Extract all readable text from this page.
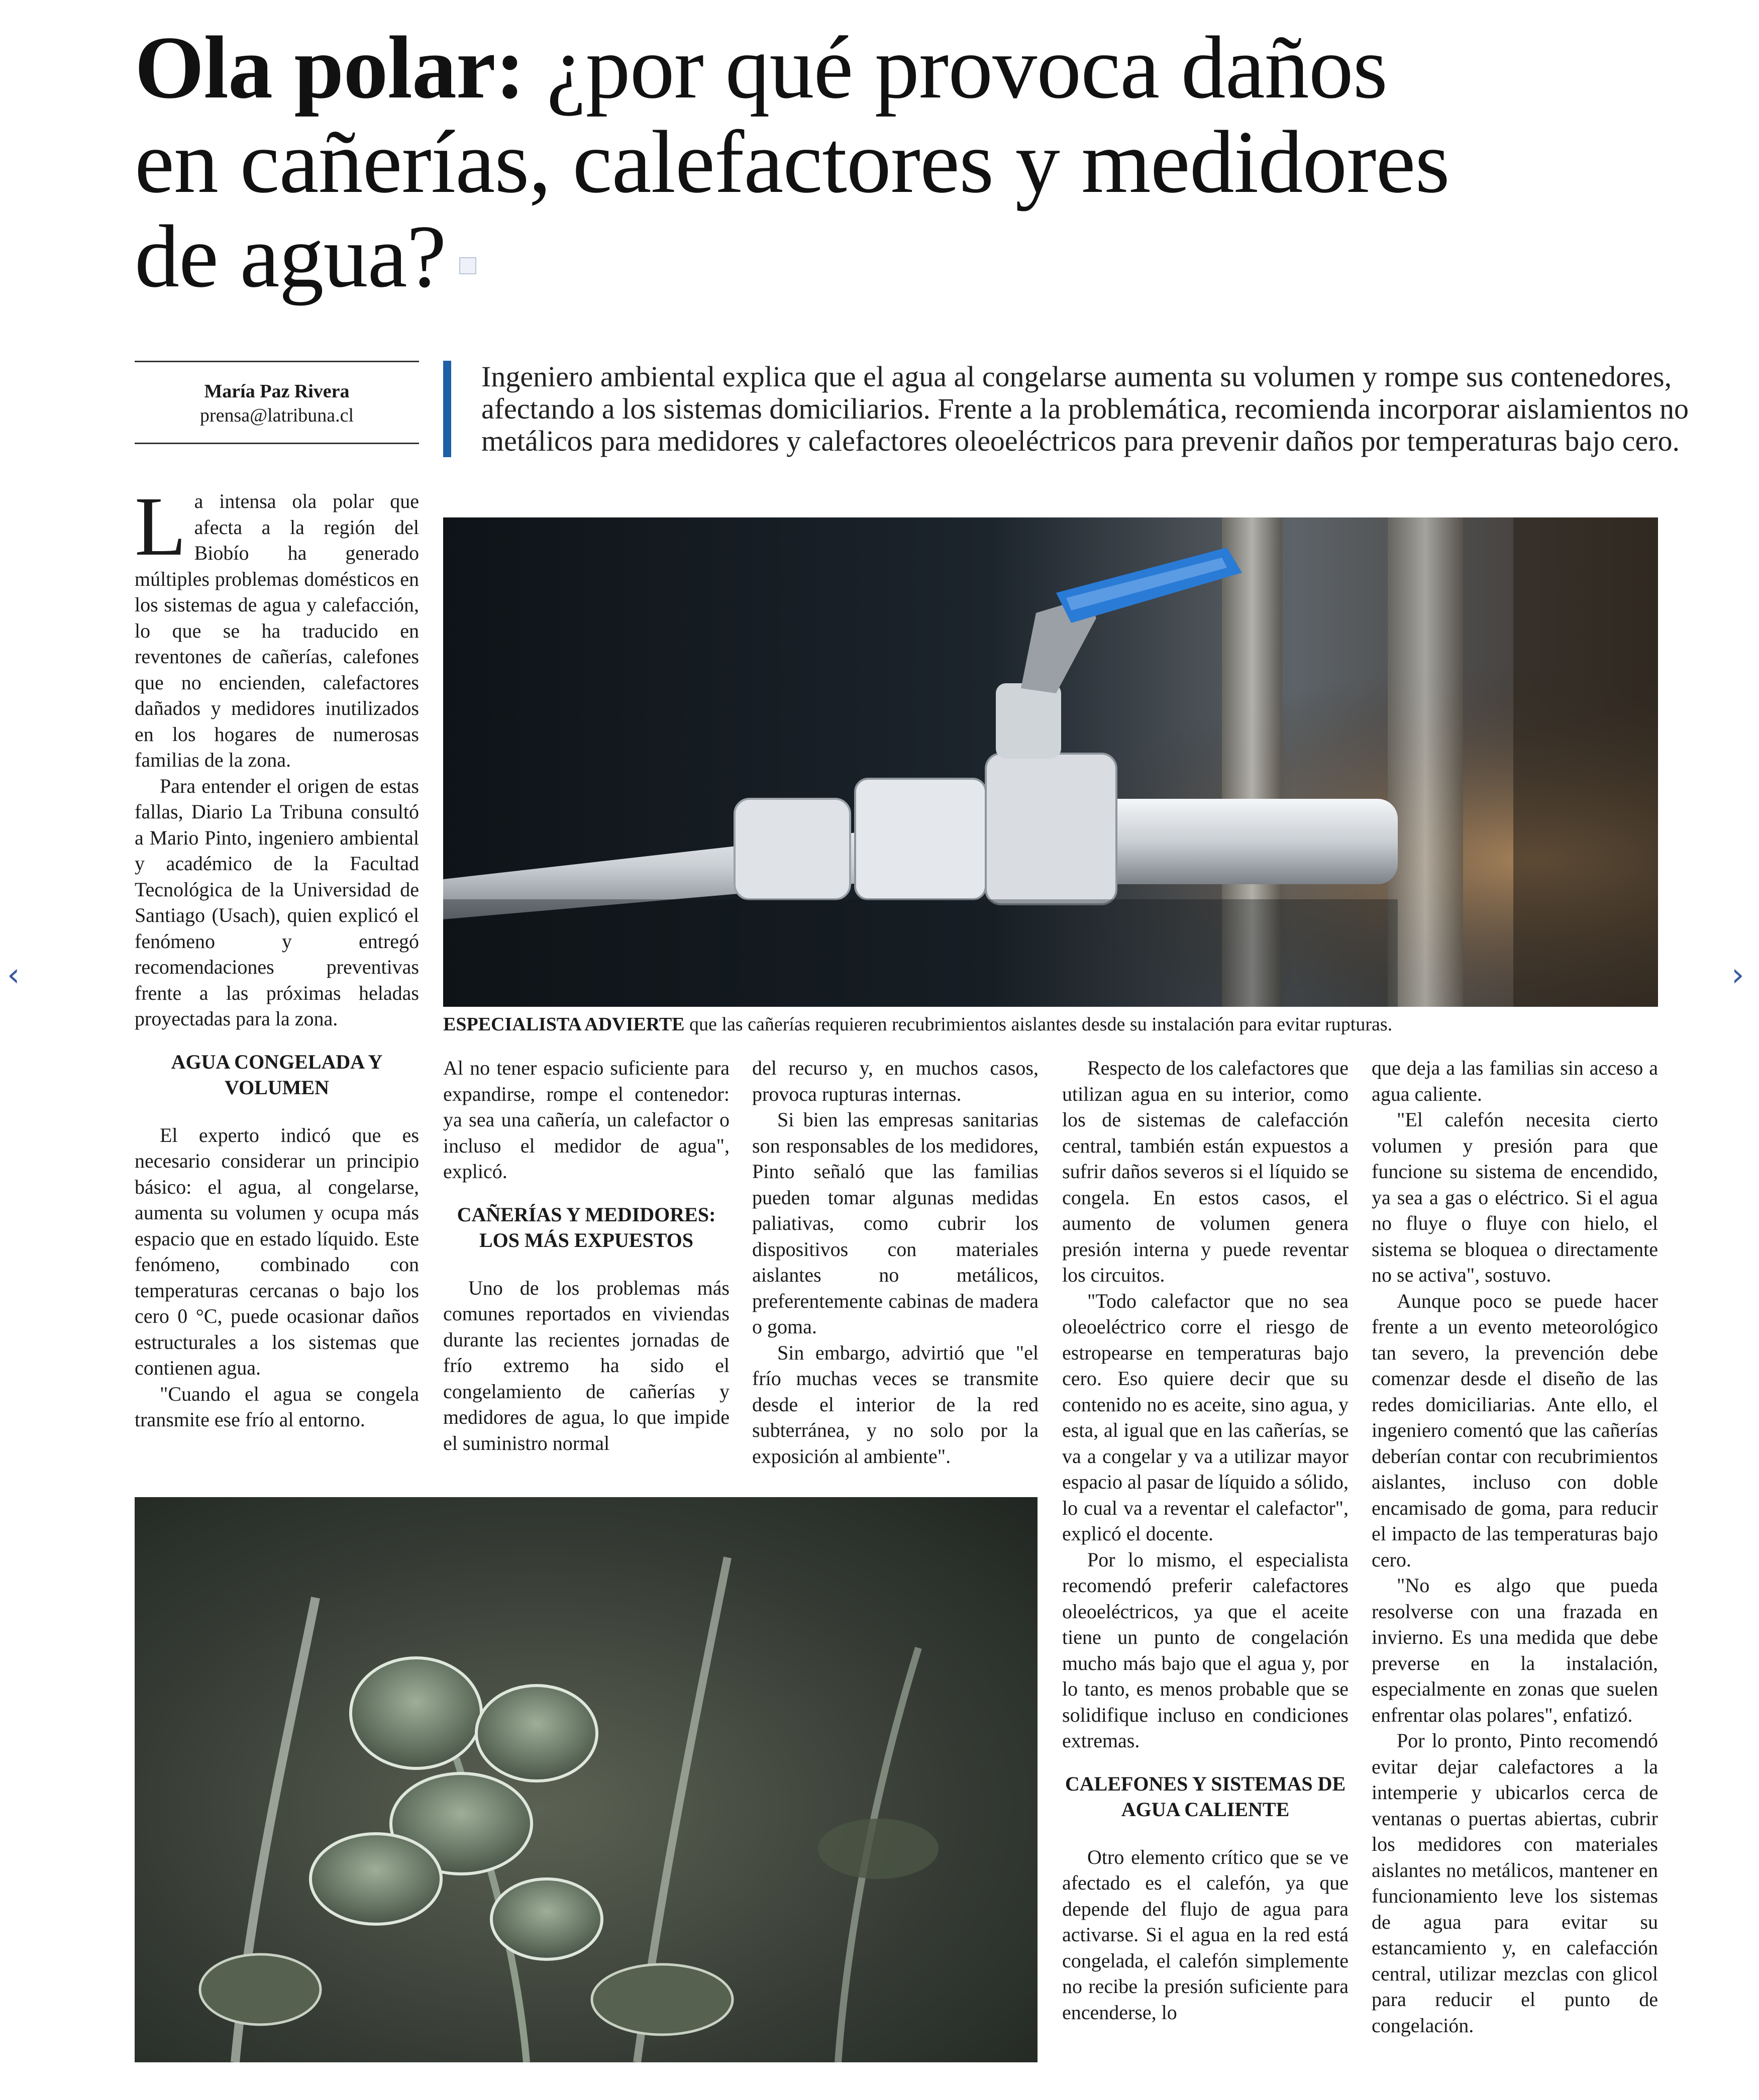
Ola polar: ¿por qué provoca daños
en cañerías, calefactores y medidores
de agua?
María Paz Rivera
prensa@latribuna.cl
Ingeniero ambiental explica que el agua al congelarse aumenta su volumen y rompe sus contenedores, afectando a los sistemas domiciliarios. Frente a la problemática, recomienda incorporar aislamientos no metálicos para medidores y calefactores oleoeléctricos para prevenir daños por temperaturas bajo cero.
ESPECIALISTA ADVIERTE que las cañerías requieren recubrimientos aislantes desde su instalación para evitar rupturas.

La intensa ola polar que afecta a la región del Biobío ha generado múltiples problemas domésticos en los sistemas de agua y calefacción, lo que se ha traducido en reventones de cañerías, calefones que no encienden, calefactores dañados y medidores inutilizados en los hogares de numerosas familias de la zona.

Para entender el origen de estas fallas, Diario La Tribuna consultó a Mario Pinto, ingeniero ambiental y académico de la Facultad Tecnológica de la Universidad de Santiago (Usach), quien explicó el fenómeno y entregó recomendaciones preventivas frente a las próximas heladas proyectadas para la zona.

AGUA CONGELADA Y VOLUMEN

El experto indicó que es necesario considerar un principio básico: el agua, al congelarse, aumenta su volumen y ocupa más espacio que en estado líquido. Este fenómeno, combinado con temperaturas cercanas o bajo los cero 0 °C, puede ocasionar daños estructurales a los sistemas que contienen agua.

"Cuando el agua se congela transmite ese frío al entorno.

Al no tener espacio suficiente para expandirse, rompe el contenedor: ya sea una cañería, un calefactor o incluso el medidor de agua", explicó.

CAÑERÍAS Y MEDIDORES: LOS MÁS EXPUESTOS

Uno de los problemas más comunes reportados en viviendas durante las recientes jornadas de frío extremo ha sido el congelamiento de cañerías y medidores de agua, lo que impide el suministro normal

del recurso y, en muchos casos, provoca rupturas internas.

Si bien las empresas sanitarias son responsables de los medidores, Pinto señaló que las familias pueden tomar algunas medidas paliativas, como cubrir los dispositivos con materiales aislantes no metálicos, preferentemente cabinas de madera o goma.

Sin embargo, advirtió que "el frío muchas veces se transmite desde el interior de la red subterránea, y no solo por la exposición al ambiente".

Respecto de los calefactores que utilizan agua en su interior, como los de sistemas de calefacción central, también están expuestos a sufrir daños severos si el líquido se congela. En estos casos, el aumento de volumen genera presión interna y puede reventar los circuitos.

"Todo calefactor que no sea oleoeléctrico corre el riesgo de estropearse en temperaturas bajo cero. Eso quiere decir que su contenido no es aceite, sino agua, y esta, al igual que en las cañerías, se va a congelar y va a utilizar mayor espacio al pasar de líquido a sólido, lo cual va a reventar el calefactor", explicó el docente.

Por lo mismo, el especialista recomendó preferir calefactores oleoeléctricos, ya que el aceite tiene un punto de congelación mucho más bajo que el agua y, por lo tanto, es menos probable que se solidifique incluso en condiciones extremas.

CALEFONES Y SISTEMAS DE AGUA CALIENTE

Otro elemento crítico que se ve afectado es el calefón, ya que depende del flujo de agua para activarse. Si el agua en la red está congelada, el calefón simplemente no recibe la presión suficiente para encenderse, lo

que deja a las familias sin acceso a agua caliente.

"El calefón necesita cierto volumen y presión para que funcione su sistema de encendido, ya sea a gas o eléctrico. Si el agua no fluye o fluye con hielo, el sistema se bloquea o directamente no se activa", sostuvo.

Aunque poco se puede hacer frente a un evento meteorológico tan severo, la prevención debe comenzar desde el diseño de las redes domiciliarias. Ante ello, el ingeniero comentó que las cañerías deberían contar con recubrimientos aislantes, incluso con doble encamisado de goma, para reducir el impacto de las temperaturas bajo cero.

"No es algo que pueda resolverse con una frazada en invierno. Es una medida que debe preverse en la instalación, especialmente en zonas que suelen enfrentar olas polares", enfatizó.

Por lo pronto, Pinto recomendó evitar dejar calefactores a la intemperie y ubicarlos cerca de ventanas o puertas abiertas, cubrir los medidores con materiales aislantes no metálicos, mantener en funcionamiento leve los sistemas de agua para evitar su estancamiento y, en calefacción central, utilizar mezclas con glicol para reducir el punto de congelación.

‹	›
